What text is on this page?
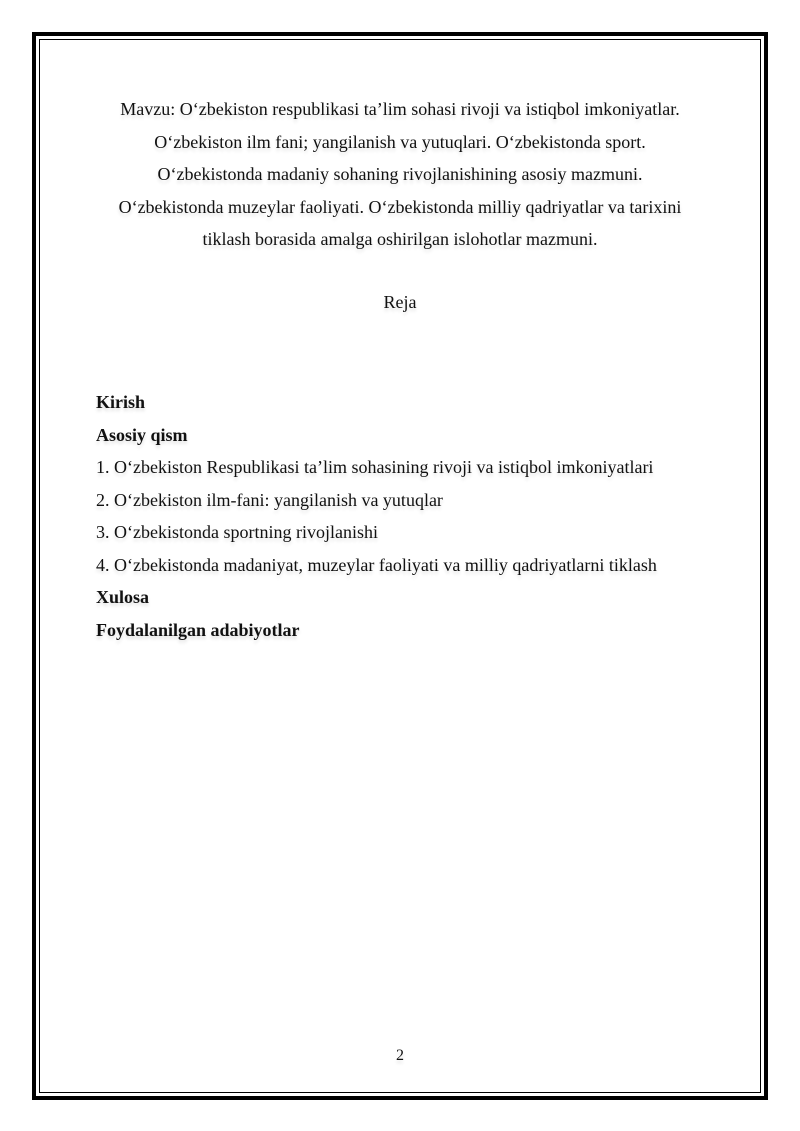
Mavzu: O‘zbekiston respublikasi ta’lim sohasi rivoji va istiqbol imkoniyatlar.
O‘zbekiston ilm fani; yangilanish va yutuqlari. O‘zbekistonda sport.
O‘zbekistonda madaniy sohaning rivojlanishining asosiy mazmuni.
O‘zbekistonda muzeylar faoliyati. O‘zbekistonda milliy qadriyatlar va tarixini
tiklash borasida amalga oshirilgan islohotlar mazmuni.

Reja

Kirish
Asosiy qism
1. O‘zbekiston Respublikasi ta’lim sohasining rivoji va istiqbol imkoniyatlari
2. O‘zbekiston ilm-fani: yangilanish va yutuqlar
3. O‘zbekistonda sportning rivojlanishi
4. O‘zbekistonda madaniyat, muzeylar faoliyati va milliy qadriyatlarni tiklash
Xulosa
Foydalanilgan adabiyotlar

2
